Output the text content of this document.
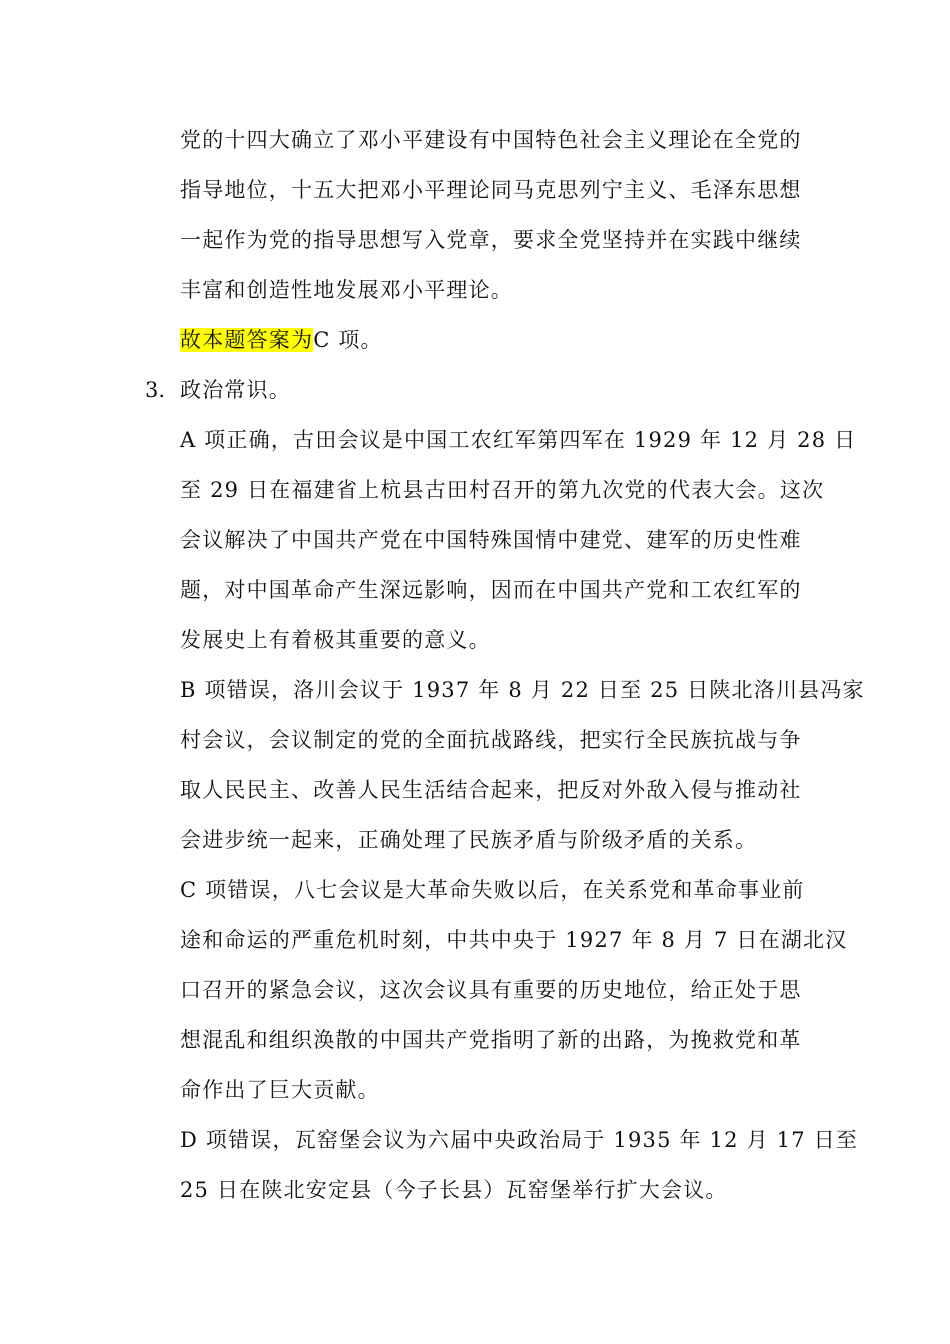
党的十四大确立了邓小平建设有中国特色社会主义理论在全党的
指导地位，十五大把邓小平理论同马克思列宁主义、毛泽东思想
一起作为党的指导思想写入党章，要求全党坚持并在实践中继续
丰富和创造性地发展邓小平理论。
故本题答案为C 项。
3. 政治常识。
A 项正确，古田会议是中国工农红军第四军在 1929 年 12 月 28 日
至 29 日在福建省上杭县古田村召开的第九次党的代表大会。这次
会议解决了中国共产党在中国特殊国情中建党、建军的历史性难
题，对中国革命产生深远影响，因而在中国共产党和工农红军的
发展史上有着极其重要的意义。
B 项错误，洛川会议于 1937 年 8 月 22 日至 25 日陕北洛川县冯家
村会议，会议制定的党的全面抗战路线，把实行全民族抗战与争
取人民民主、改善人民生活结合起来，把反对外敌入侵与推动社
会进步统一起来，正确处理了民族矛盾与阶级矛盾的关系。
C 项错误，八七会议是大革命失败以后，在关系党和革命事业前
途和命运的严重危机时刻，中共中央于 1927 年 8 月 7 日在湖北汉
口召开的紧急会议，这次会议具有重要的历史地位，给正处于思
想混乱和组织涣散的中国共产党指明了新的出路，为挽救党和革
命作出了巨大贡献。
D 项错误，瓦窑堡会议为六届中央政治局于 1935 年 12 月 17 日至
25 日在陕北安定县（今子长县）瓦窑堡举行扩大会议。
